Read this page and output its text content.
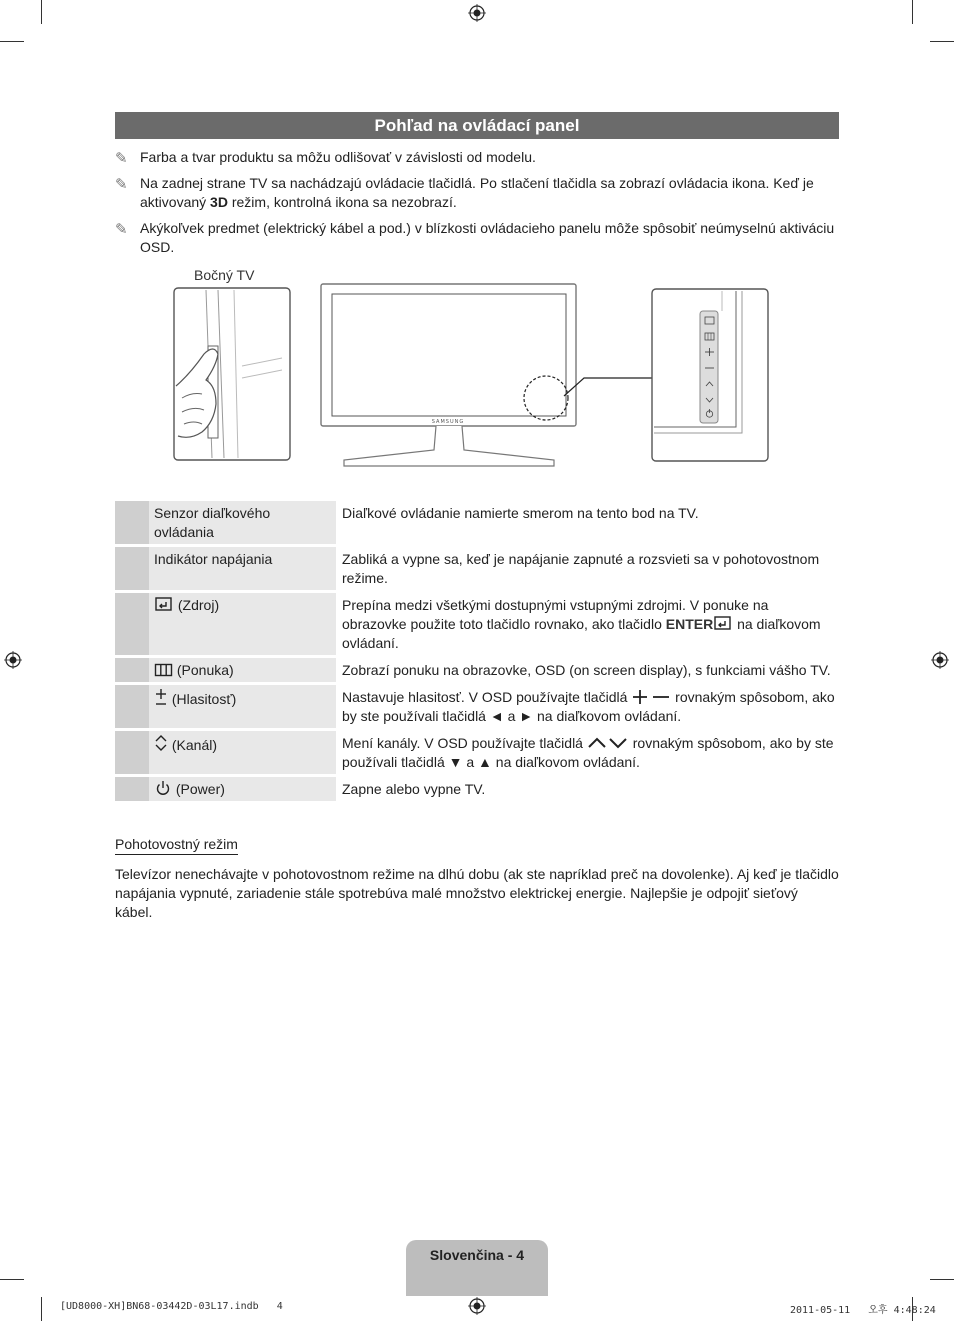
Pohľad na ovládací panel
✎ Farba a tvar produktu sa môžu odlišovať v závislosti od modelu.
✎ Na zadnej strane TV sa nachádzajú ovládacie tlačidlá. Po stlačení tlačidla sa zobrazí ovládacia ikona. Keď je aktivovaný 3D režim, kontrolná ikona sa nezobrazí.
✎ Akýkoľvek predmet (elektrický kábel a pod.) v blízkosti ovládacieho panelu môže spôsobiť neúmyselnú aktiváciu OSD.
Bočný TV
SAMSUNG
	Senzor diaľkového ovládania	Diaľkové ovládanie namierte smerom na tento bod na TV.
	Indikátor napájania	Zabliká a vypne sa, keď je napájanie zapnuté a rozsvieti sa v pohotovostnom režime.
	(Zdroj)	Prepína medzi všetkými dostupnými vstupnými zdrojmi. V ponuke na obrazovke použite toto tlačidlo rovnako, ako tlačidlo ENTER na diaľkovom ovládaní.
	(Ponuka)	Zobrazí ponuku na obrazovke, OSD (on screen display), s funkciami vášho TV.
	(Hlasitosť)	Nastavuje hlasitosť. V OSD používajte tlačidlá rovnakým spôsobom, ako by ste používali tlačidlá ◄ a ► na diaľkovom ovládaní.
	(Kanál)	Mení kanály. V OSD používajte tlačidlá rovnakým spôsobom, ako by ste používali tlačidlá ▼ a ▲ na diaľkovom ovládaní.
	(Power)	Zapne alebo vypne TV.
Pohotovostný režim
Televízor nenechávajte v pohotovostnom režime na dlhú dobu (ak ste napríklad preč na dovolenke). Aj keď je tlačidlo napájania vypnuté, zariadenie stále spotrebúva malé množstvo elektrickej energie. Najlepšie je odpojiť sieťový kábel.
Slovenčina - 4
[UD8000-XH]BN68-03442D-03L17.indb   4	2011-05-11   오후 4:48:24
